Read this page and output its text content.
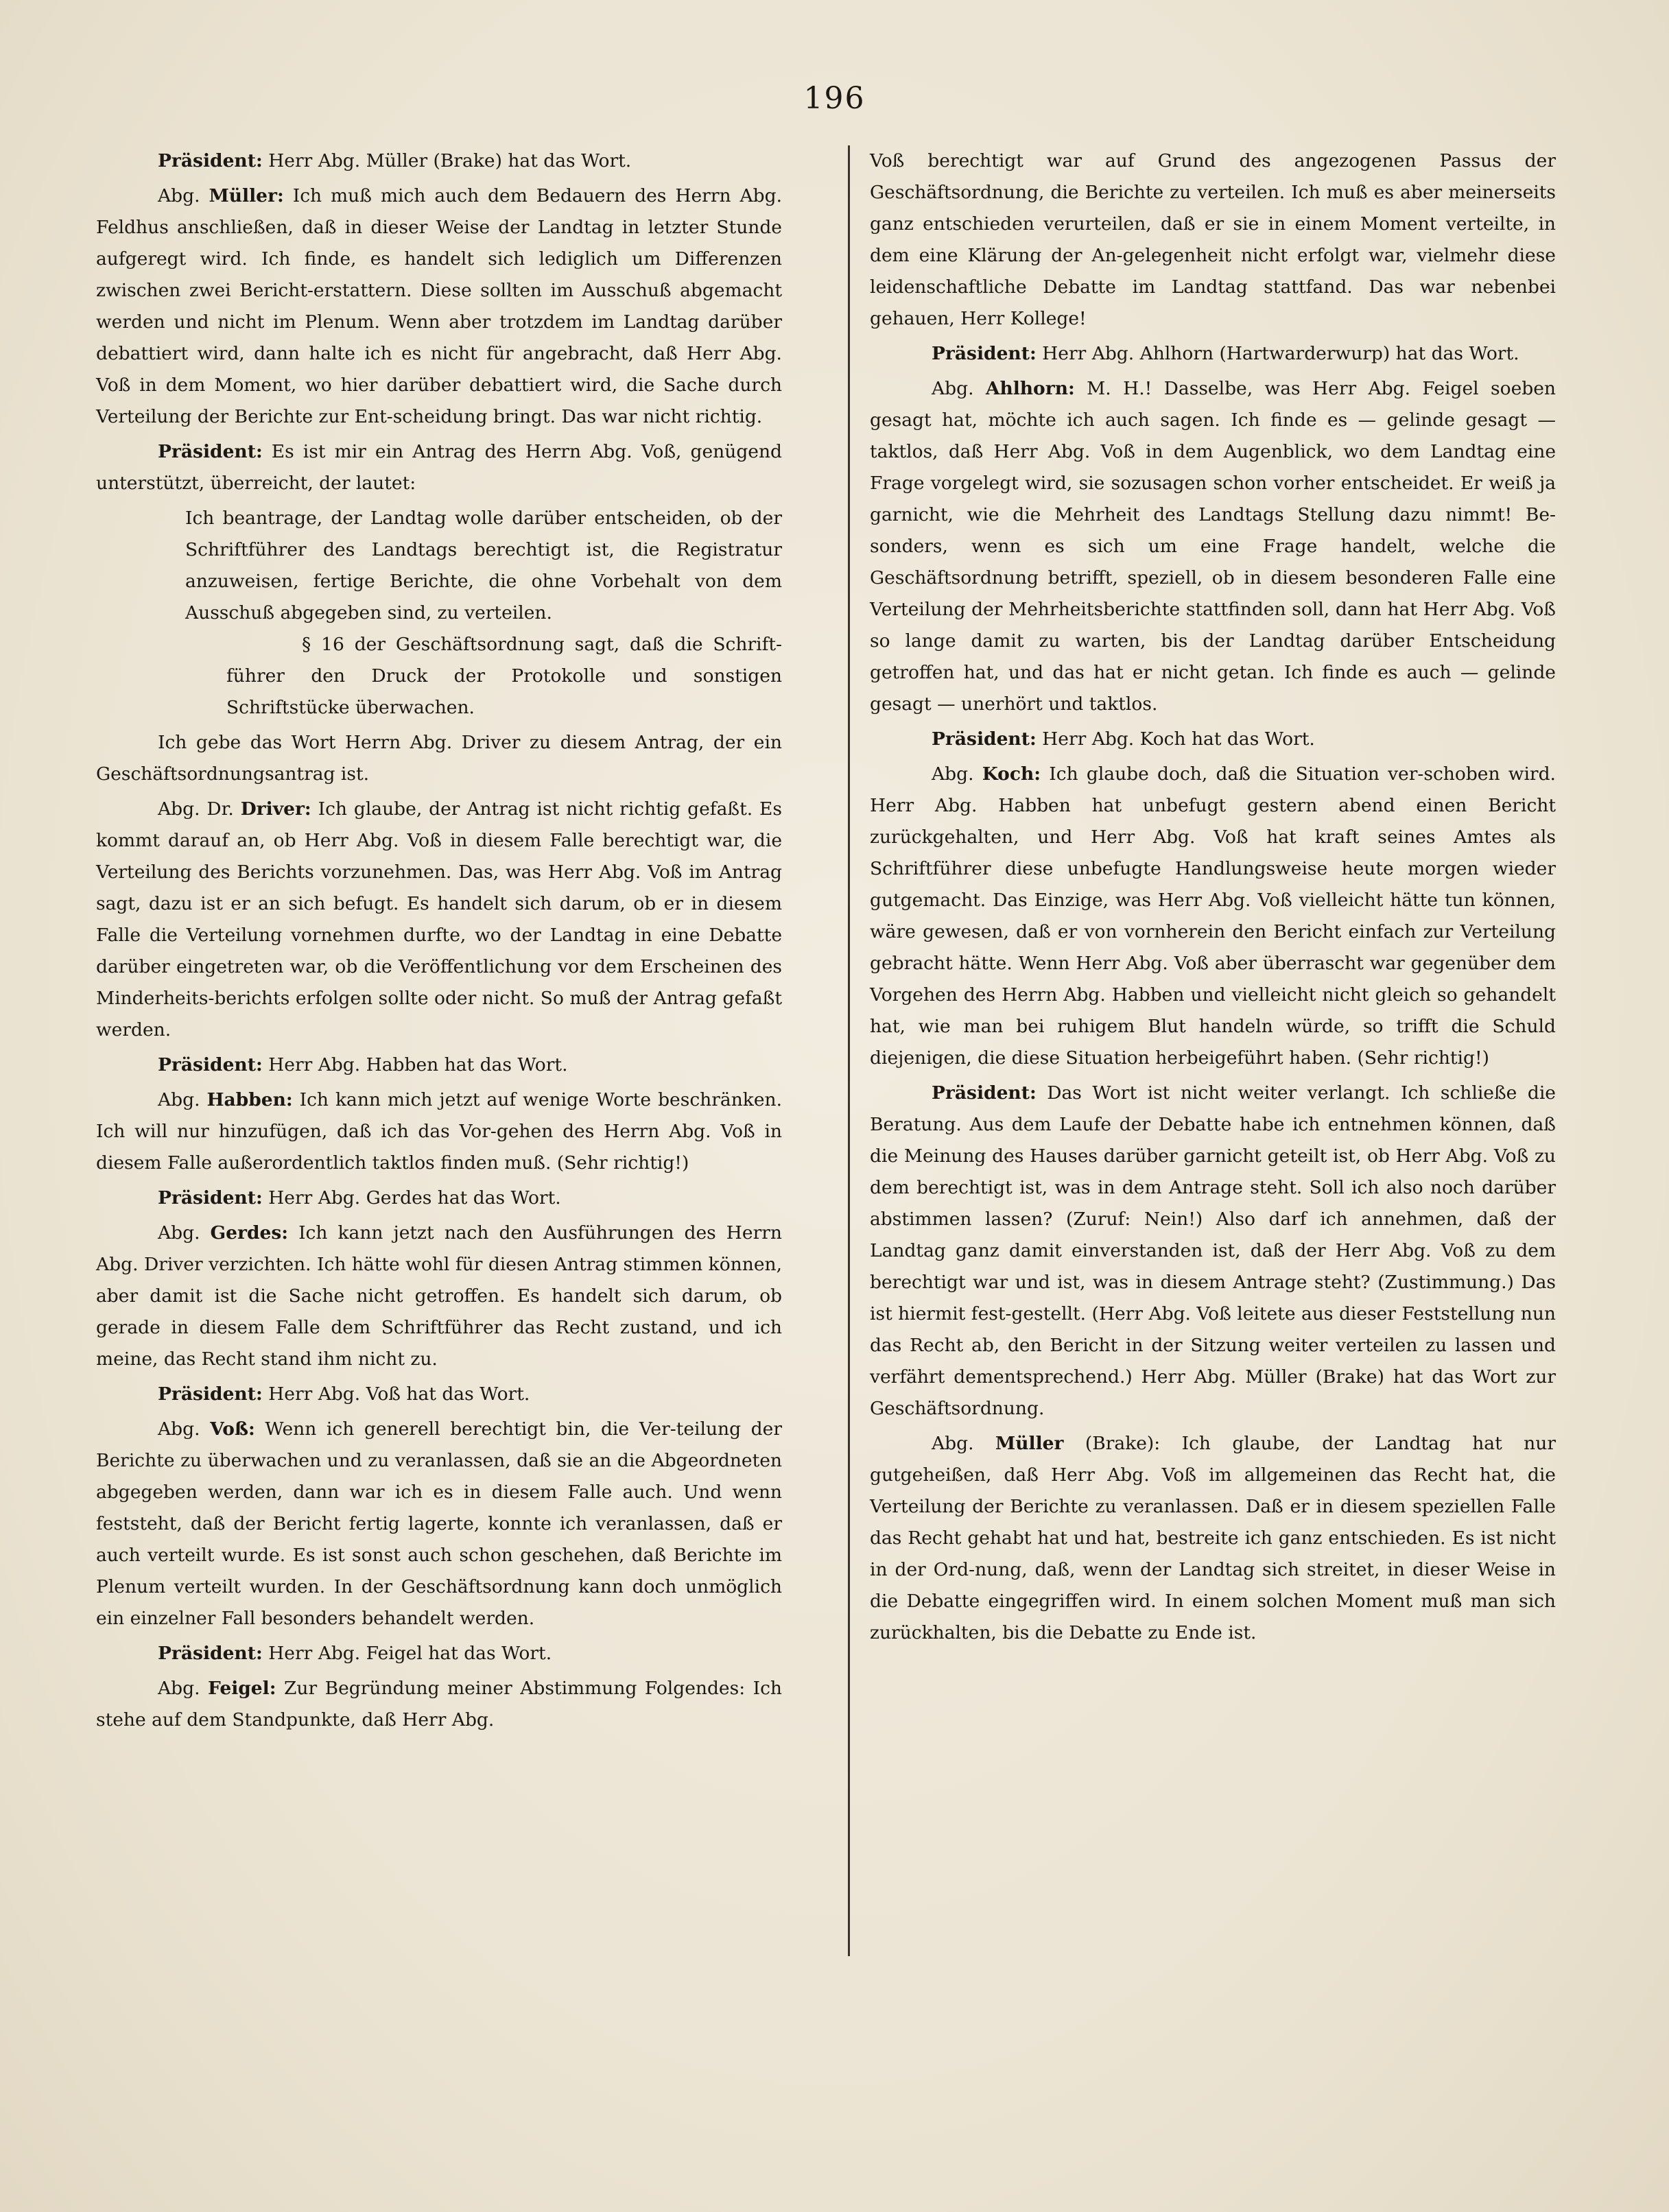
196

Präsident: Herr Abg. Müller (Brake) hat das Wort.

Abg. Müller: Ich muß mich auch dem Bedauern des Herrn Abg. Feldhus anschließen, daß in dieser Weise der Landtag in letzter Stunde aufgeregt wird. Ich finde, es handelt sich lediglich um Differenzen zwischen zwei Bericht-erstattern. Diese sollten im Ausschuß abgemacht werden und nicht im Plenum. Wenn aber trotzdem im Landtag darüber debattiert wird, dann halte ich es nicht für angebracht, daß Herr Abg. Voß in dem Moment, wo hier darüber debattiert wird, die Sache durch Verteilung der Berichte zur Ent-scheidung bringt. Das war nicht richtig.

Präsident: Es ist mir ein Antrag des Herrn Abg. Voß, genügend unterstützt, überreicht, der lautet:

Ich beantrage, der Landtag wolle darüber entscheiden, ob der Schriftführer des Landtags berechtigt ist, die Registratur anzuweisen, fertige Berichte, die ohne Vorbehalt von dem Ausschuß abgegeben sind, zu verteilen.

§ 16 der Geschäftsordnung sagt, daß die Schrift-führer den Druck der Protokolle und sonstigen Schriftstücke überwachen.

Ich gebe das Wort Herrn Abg. Driver zu diesem Antrag, der ein Geschäftsordnungsantrag ist.

Abg. Dr. Driver: Ich glaube, der Antrag ist nicht richtig gefaßt. Es kommt darauf an, ob Herr Abg. Voß in diesem Falle berechtigt war, die Verteilung des Berichts vorzunehmen. Das, was Herr Abg. Voß im Antrag sagt, dazu ist er an sich befugt. Es handelt sich darum, ob er in diesem Falle die Verteilung vornehmen durfte, wo der Landtag in eine Debatte darüber eingetreten war, ob die Veröffentlichung vor dem Erscheinen des Minderheits-berichts erfolgen sollte oder nicht. So muß der Antrag gefaßt werden.

Präsident: Herr Abg. Habben hat das Wort.

Abg. Habben: Ich kann mich jetzt auf wenige Worte beschränken. Ich will nur hinzufügen, daß ich das Vor-gehen des Herrn Abg. Voß in diesem Falle außerordentlich taktlos finden muß. (Sehr richtig!)

Präsident: Herr Abg. Gerdes hat das Wort.

Abg. Gerdes: Ich kann jetzt nach den Ausführungen des Herrn Abg. Driver verzichten. Ich hätte wohl für diesen Antrag stimmen können, aber damit ist die Sache nicht getroffen. Es handelt sich darum, ob gerade in diesem Falle dem Schriftführer das Recht zustand, und ich meine, das Recht stand ihm nicht zu.

Präsident: Herr Abg. Voß hat das Wort.

Abg. Voß: Wenn ich generell berechtigt bin, die Ver-teilung der Berichte zu überwachen und zu veranlassen, daß sie an die Abgeordneten abgegeben werden, dann war ich es in diesem Falle auch. Und wenn feststeht, daß der Bericht fertig lagerte, konnte ich veranlassen, daß er auch verteilt wurde. Es ist sonst auch schon geschehen, daß Berichte im Plenum verteilt wurden. In der Geschäftsordnung kann doch unmöglich ein einzelner Fall besonders behandelt werden.

Präsident: Herr Abg. Feigel hat das Wort.

Abg. Feigel: Zur Begründung meiner Abstimmung Folgendes: Ich stehe auf dem Standpunkte, daß Herr Abg.

Voß berechtigt war auf Grund des angezogenen Passus der Geschäftsordnung, die Berichte zu verteilen. Ich muß es aber meinerseits ganz entschieden verurteilen, daß er sie in einem Moment verteilte, in dem eine Klärung der An-gelegenheit nicht erfolgt war, vielmehr diese leidenschaftliche Debatte im Landtag stattfand. Das war nebenbei gehauen, Herr Kollege!

Präsident: Herr Abg. Ahlhorn (Hartwarderwurp) hat das Wort.

Abg. Ahlhorn: M. H.! Dasselbe, was Herr Abg. Feigel soeben gesagt hat, möchte ich auch sagen. Ich finde es — gelinde gesagt — taktlos, daß Herr Abg. Voß in dem Augenblick, wo dem Landtag eine Frage vorgelegt wird, sie sozusagen schon vorher entscheidet. Er weiß ja garnicht, wie die Mehrheit des Landtags Stellung dazu nimmt! Be-sonders, wenn es sich um eine Frage handelt, welche die Geschäftsordnung betrifft, speziell, ob in diesem besonderen Falle eine Verteilung der Mehrheitsberichte stattfinden soll, dann hat Herr Abg. Voß so lange damit zu warten, bis der Landtag darüber Entscheidung getroffen hat, und das hat er nicht getan. Ich finde es auch — gelinde gesagt — unerhört und taktlos.

Präsident: Herr Abg. Koch hat das Wort.

Abg. Koch: Ich glaube doch, daß die Situation ver-schoben wird. Herr Abg. Habben hat unbefugt gestern abend einen Bericht zurückgehalten, und Herr Abg. Voß hat kraft seines Amtes als Schriftführer diese unbefugte Handlungsweise heute morgen wieder gutgemacht. Das Einzige, was Herr Abg. Voß vielleicht hätte tun können, wäre gewesen, daß er von vornherein den Bericht einfach zur Verteilung gebracht hätte. Wenn Herr Abg. Voß aber überrascht war gegenüber dem Vorgehen des Herrn Abg. Habben und vielleicht nicht gleich so gehandelt hat, wie man bei ruhigem Blut handeln würde, so trifft die Schuld diejenigen, die diese Situation herbeigeführt haben. (Sehr richtig!)

Präsident: Das Wort ist nicht weiter verlangt. Ich schließe die Beratung. Aus dem Laufe der Debatte habe ich entnehmen können, daß die Meinung des Hauses darüber garnicht geteilt ist, ob Herr Abg. Voß zu dem berechtigt ist, was in dem Antrage steht. Soll ich also noch darüber abstimmen lassen? (Zuruf: Nein!) Also darf ich annehmen, daß der Landtag ganz damit einverstanden ist, daß der Herr Abg. Voß zu dem berechtigt war und ist, was in diesem Antrage steht? (Zustimmung.) Das ist hiermit fest-gestellt. (Herr Abg. Voß leitete aus dieser Feststellung nun das Recht ab, den Bericht in der Sitzung weiter verteilen zu lassen und verfährt dementsprechend.) Herr Abg. Müller (Brake) hat das Wort zur Geschäftsordnung.

Abg. Müller (Brake): Ich glaube, der Landtag hat nur gutgeheißen, daß Herr Abg. Voß im allgemeinen das Recht hat, die Verteilung der Berichte zu veranlassen. Daß er in diesem speziellen Falle das Recht gehabt hat und hat, bestreite ich ganz entschieden. Es ist nicht in der Ord-nung, daß, wenn der Landtag sich streitet, in dieser Weise in die Debatte eingegriffen wird. In einem solchen Moment muß man sich zurückhalten, bis die Debatte zu Ende ist.
